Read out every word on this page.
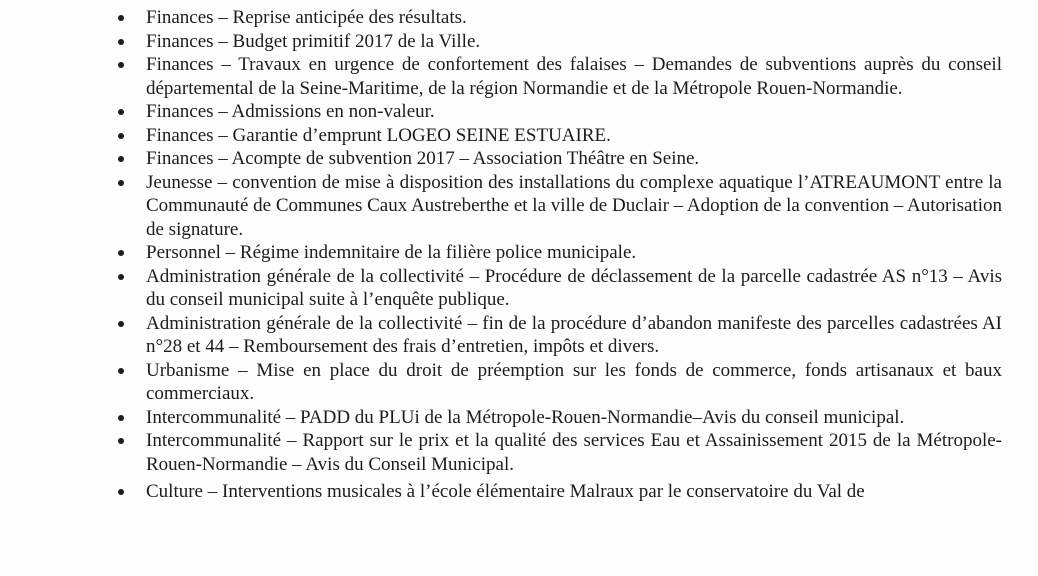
Finances – Reprise anticipée des résultats.
Finances – Budget primitif 2017 de la Ville.
Finances – Travaux en urgence de confortement des falaises – Demandes de subventions auprès du conseil départemental de la Seine-Maritime, de la région Normandie et de la Métropole Rouen-Normandie.
Finances – Admissions en non-valeur.
Finances – Garantie d’emprunt LOGEO SEINE ESTUAIRE.
Finances – Acompte de subvention 2017 – Association Théâtre en Seine.
Jeunesse – convention de mise à disposition des installations du complexe aquatique l’ATREAUMONT entre la Communauté de Communes Caux Austreberthe et la ville de Duclair – Adoption de la convention – Autorisation de signature.
Personnel – Régime indemnitaire de la filière police municipale.
Administration générale de la collectivité – Procédure de déclassement de la parcelle cadastrée AS n°13 – Avis du conseil municipal suite à l’enquête publique.
Administration générale de la collectivité – fin de la procédure d’abandon manifeste des parcelles cadastrées AI n°28 et 44 – Remboursement des frais d’entretien, impôts et divers.
Urbanisme – Mise en place du droit de préemption sur les fonds de commerce, fonds artisanaux et baux commerciaux.
Intercommunalité – PADD du PLUi de la Métropole-Rouen-Normandie–Avis du conseil municipal.
Intercommunalité – Rapport sur le prix et la qualité des services Eau et Assainissement 2015 de la Métropole-Rouen-Normandie – Avis du Conseil Municipal.
Culture – Interventions musicales à l’école élémentaire Malraux par le conservatoire du Val de
